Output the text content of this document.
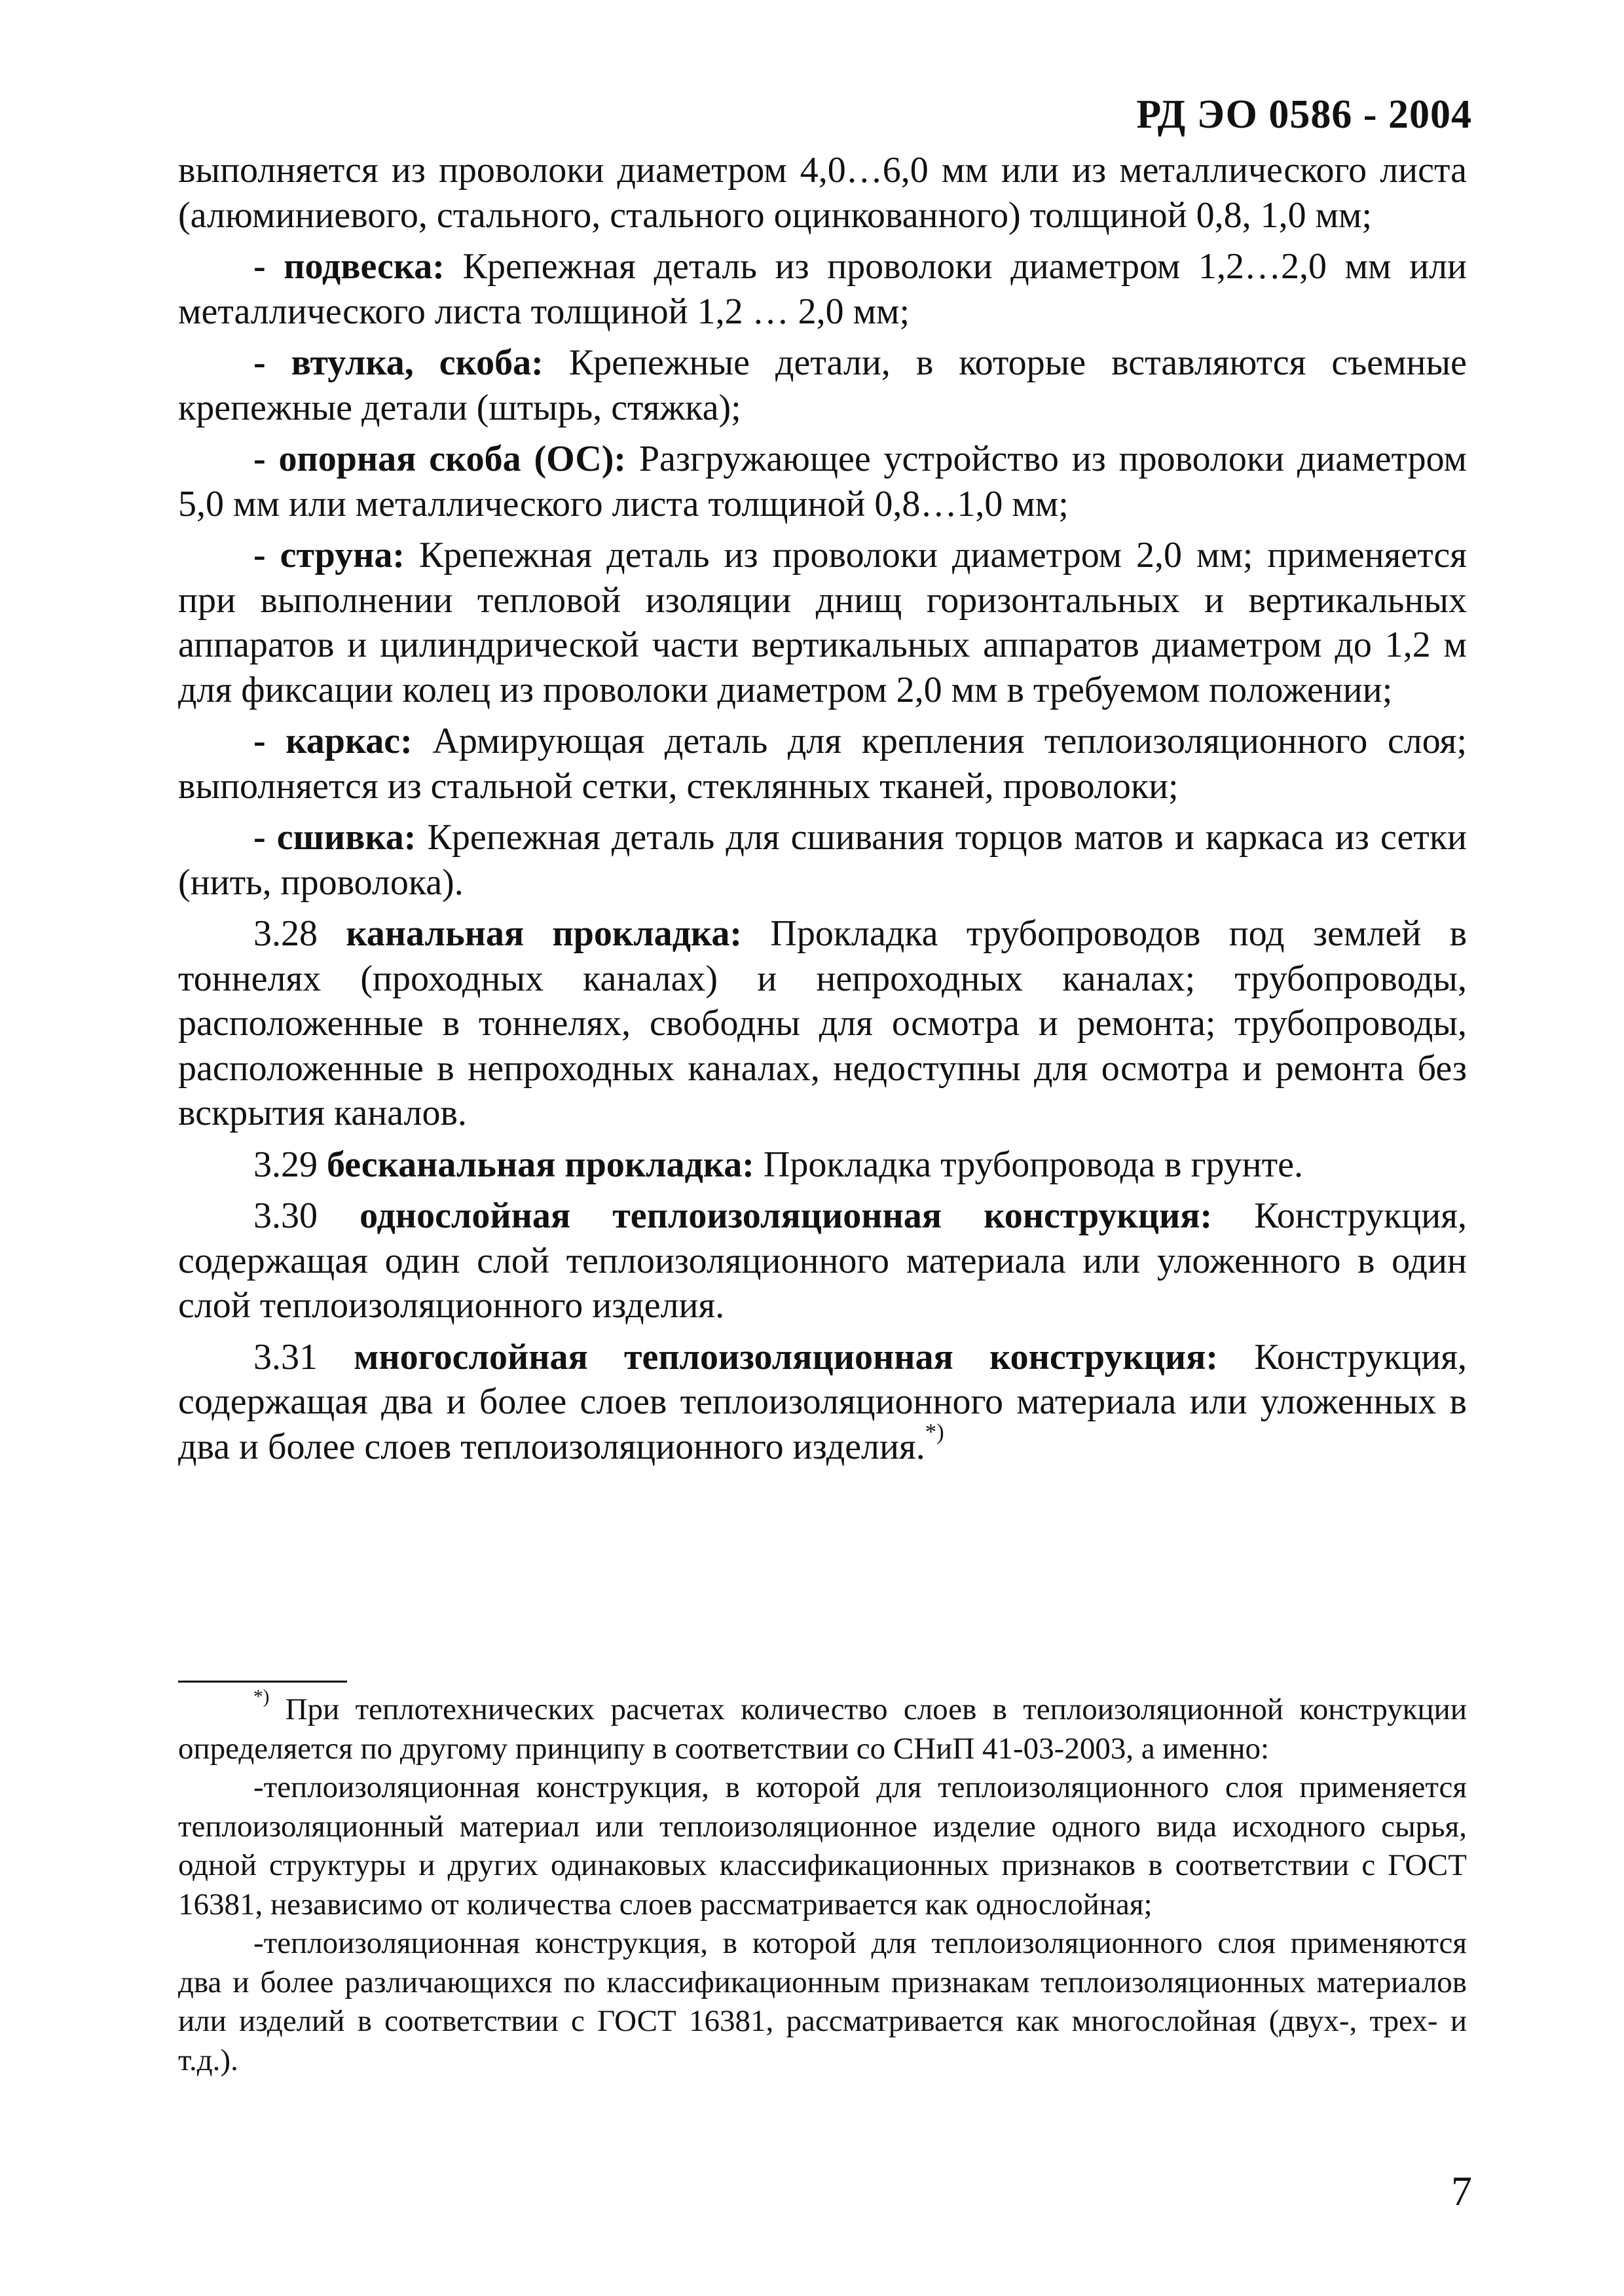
РД ЭО 0586 - 2004

выполняется из проволоки диаметром 4,0…6,0 мм или из металлического листа (алюминиевого, стального, стального оцинкованного) толщиной 0,8, 1,0 мм;

- подвеска: Крепежная деталь из проволоки диаметром 1,2…2,0 мм или металлического листа толщиной 1,2 … 2,0 мм;

- втулка, скоба: Крепежные детали, в которые вставляются съемные крепежные детали (штырь, стяжка);

- опорная скоба (ОС): Разгружающее устройство из проволоки диаметром 5,0 мм или металлического листа толщиной 0,8…1,0 мм;

- струна: Крепежная деталь из проволоки диаметром 2,0 мм; применяется при выполнении тепловой изоляции днищ горизонтальных и вертикальных аппаратов и цилиндрической части вертикальных аппаратов диаметром до 1,2 м для фиксации колец из проволоки диаметром 2,0 мм в требуемом положении;

- каркас: Армирующая деталь для крепления теплоизоляционного слоя; выполняется из стальной сетки, стеклянных тканей, проволоки;

- сшивка: Крепежная деталь для сшивания торцов матов и каркаса из сетки (нить, проволока).

3.28 канальная прокладка: Прокладка трубопроводов под землей в тоннелях (проходных каналах) и непроходных каналах; трубопроводы, расположенные в тоннелях, свободны для осмотра и ремонта; трубопроводы, расположенные в непроходных каналах, недоступны для осмотра и ремонта без вскрытия каналов.

3.29 бесканальная прокладка: Прокладка трубопровода в грунте.

3.30 однослойная теплоизоляционная конструкция: Конструкция, содержащая один слой теплоизоляционного материала или уложенного в один слой теплоизоляционного изделия.

3.31 многослойная теплоизоляционная конструкция: Конструкция, содержащая два и более слоев теплоизоляционного материала или уложенных в два и более слоев теплоизоляционного изделия.*)

*) При теплотехнических расчетах количество слоев в теплоизоляционной конструкции определяется по другому принципу в соответствии со СНиП 41-03-2003, а именно:

-теплоизоляционная конструкция, в которой для теплоизоляционного слоя применяется теплоизоляционный материал или теплоизоляционное изделие одного вида исходного сырья, одной структуры и других одинаковых классификационных признаков в соответствии с ГОСТ 16381, независимо от количества слоев рассматривается как однослойная;

-теплоизоляционная конструкция, в которой для теплоизоляционного слоя применяются два и более различающихся по классификационным признакам теплоизоляционных материалов или изделий в соответствии с ГОСТ 16381, рассматривается как многослойная (двух-, трех- и т.д.).

7
